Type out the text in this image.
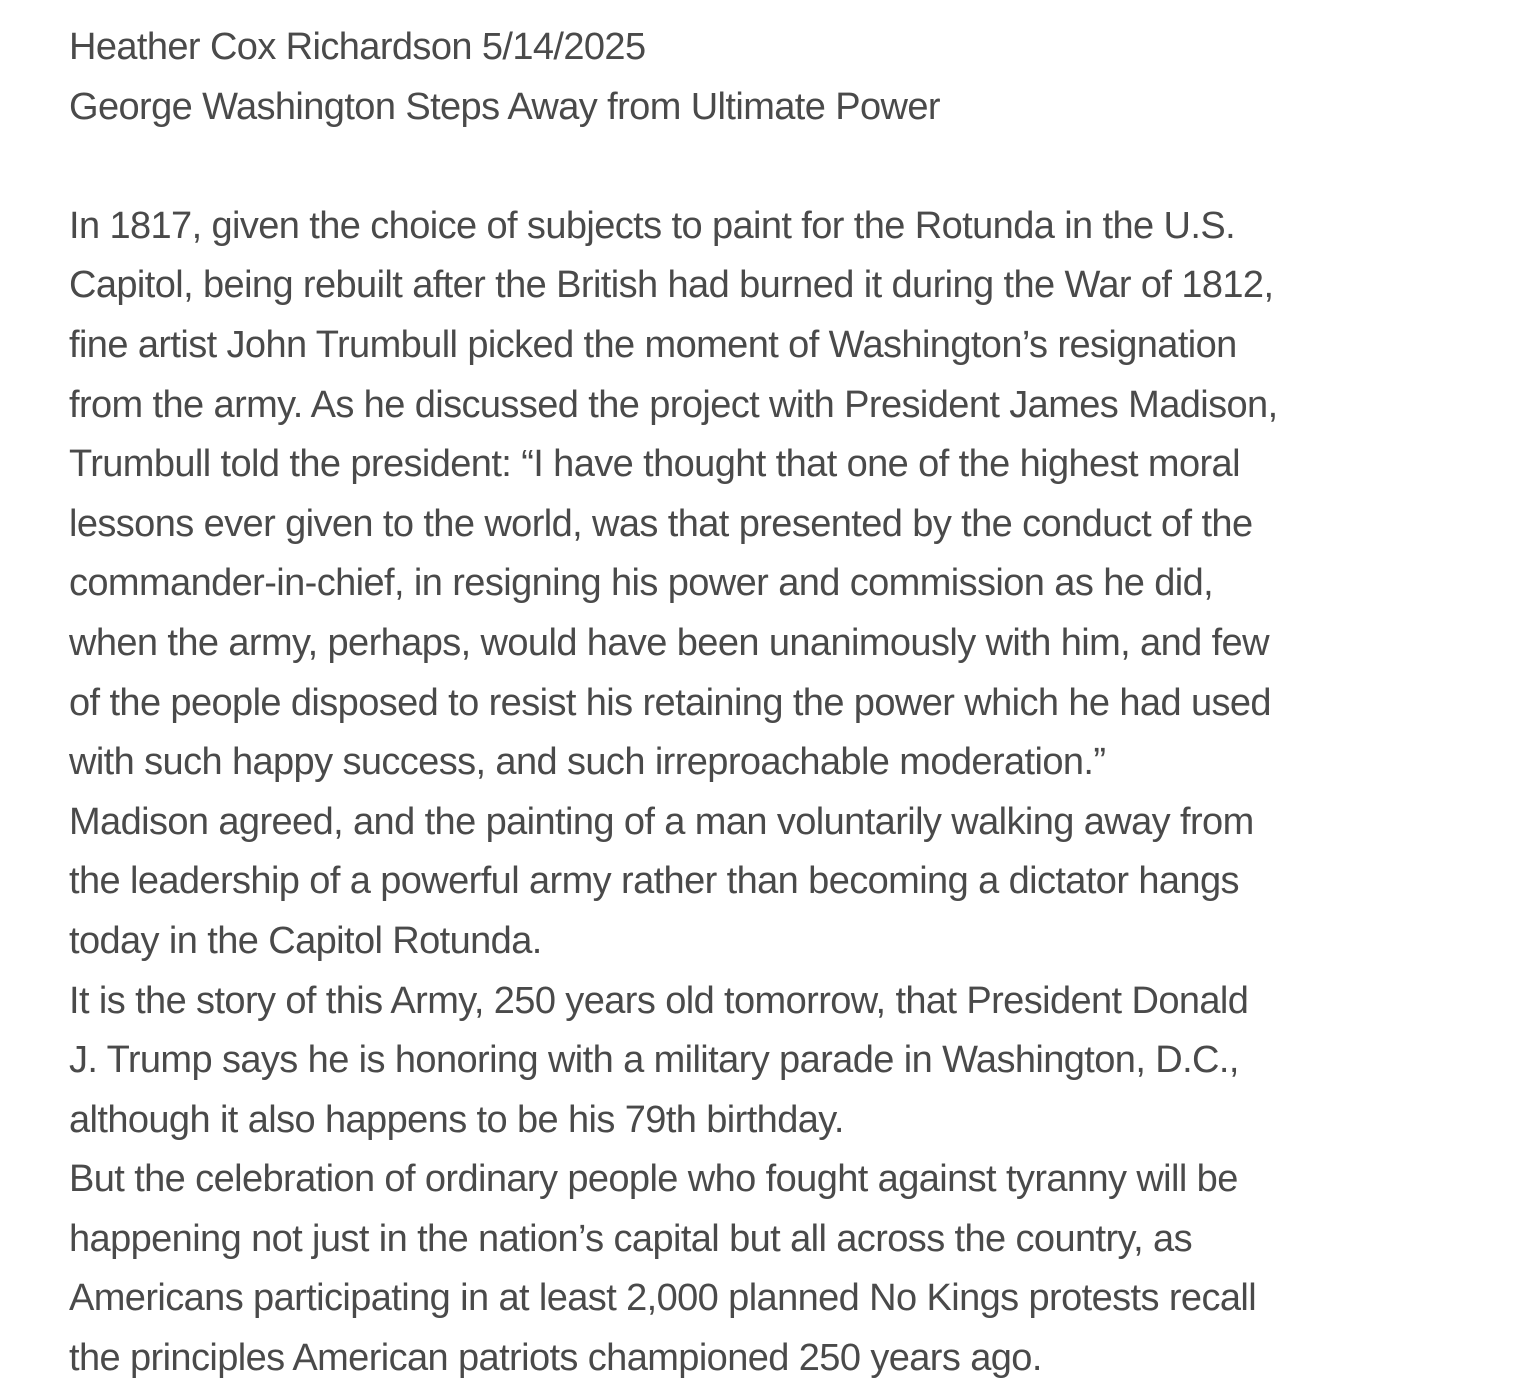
Heather Cox Richardson 5/14/2025
George Washington Steps Away from Ultimate Power

In 1817, given the choice of subjects to paint for the Rotunda in the U.S.
Capitol, being rebuilt after the British had burned it during the War of 1812,
fine artist John Trumbull picked the moment of Washington’s resignation
from the army. As he discussed the project with President James Madison,
Trumbull told the president: “I have thought that one of the highest moral
lessons ever given to the world, was that presented by the conduct of the
commander-in-chief, in resigning his power and commission as he did,
when the army, perhaps, would have been unanimously with him, and few
of the people disposed to resist his retaining the power which he had used
with such happy success, and such irreproachable moderation.”

Madison agreed, and the painting of a man voluntarily walking away from
the leadership of a powerful army rather than becoming a dictator hangs
today in the Capitol Rotunda.

It is the story of this Army, 250 years old tomorrow, that President Donald
J. Trump says he is honoring with a military parade in Washington, D.C.,
although it also happens to be his 79th birthday.

But the celebration of ordinary people who fought against tyranny will be
happening not just in the nation’s capital but all across the country, as
Americans participating in at least 2,000 planned No Kings protests recall
the principles American patriots championed 250 years ago.
